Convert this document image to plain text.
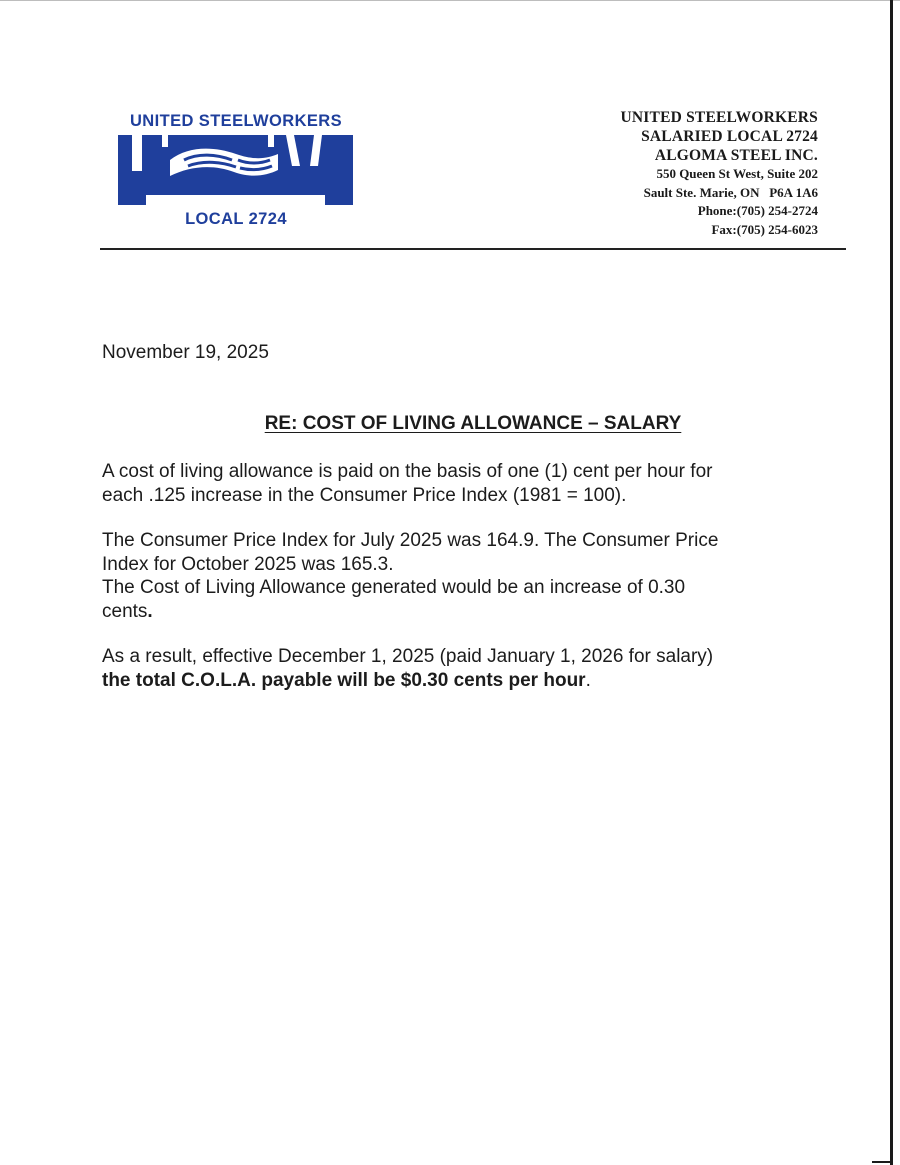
UNITED STEELWORKERS
LOCAL 2724
UNITED STEELWORKERS
SALARIED LOCAL 2724
ALGOMA STEEL INC.
550 Queen St West, Suite 202
Sault Ste. Marie, ON   P6A 1A6
Phone:(705) 254-2724
Fax:(705) 254-6023
November 19, 2025
RE: COST OF LIVING ALLOWANCE – SALARY

A cost of living allowance is paid on the basis of one (1) cent per hour for
each .125 increase in the Consumer Price Index (1981 = 100).

The Consumer Price Index for July 2025 was 164.9. The Consumer Price
Index for October 2025 was 165.3.
The Cost of Living Allowance generated would be an increase of 0.30
cents.

As a result, effective December 1, 2025 (paid January 1, 2026 for salary)
the total C.O.L.A. payable will be $0.30 cents per hour.
